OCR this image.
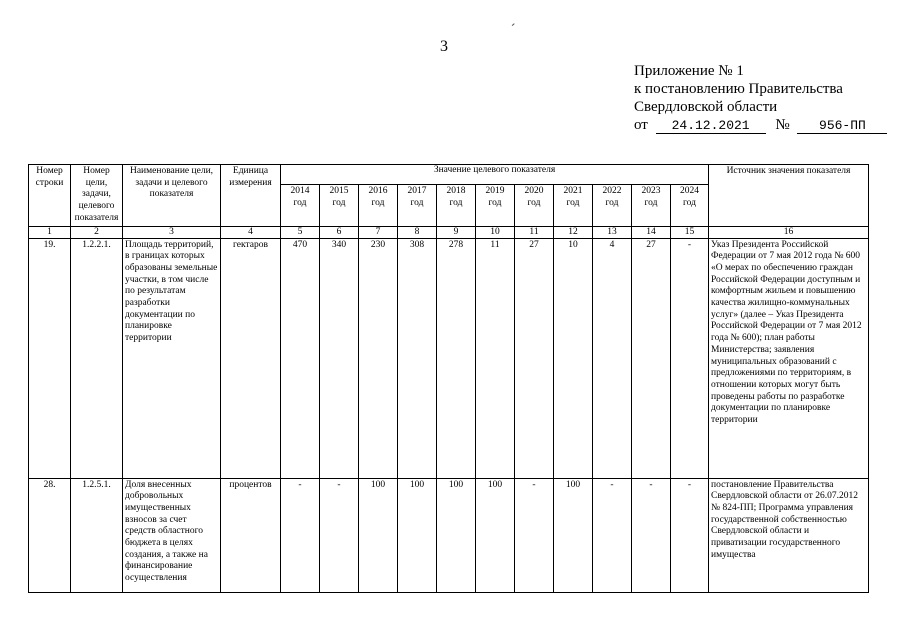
3
Приложение № 1
к постановлению Правительства
Свердловской области
от 24.12.2021 № 956-ПП
Номер строки	Номер цели, задачи, целевого показателя	Наименование цели, задачи и целевого показателя	Единица измерения	Значение целевого показателя											Источник значения показателя
				2014 год	2015 год	2016 год	2017 год	2018 год	2019 год	2020 год	2021 год	2022 год	2023 год	2024 год	
1	2	3	4	5	6	7	8	9	10	11	12	13	14	15	16
19.	1.2.2.1.	Площадь территорий, в границах которых образованы земельные участки, в том числе по результатам разработки документации по планировке территории	гектаров	470	340	230	308	278	11	27	10	4	27	-	Указ Президента Российской Федерации от 7 мая 2012 года № 600 «О мерах по обеспечению граждан Российской Федерации доступным и комфортным жильем и повышению качества жилищно-коммунальных услуг» (далее – Указ Президента Российской Федерации от 7 мая 2012 года № 600); план работы Министерства; заявления муниципальных образований с предложениями по территориям, в отношении которых могут быть проведены работы по разработке документации по планировке территории
28.	1.2.5.1.	Доля внесенных добровольных имущественных взносов за счет средств областного бюджета в целях создания, а также на финансирование осуществления	процентов	-	-	100	100	100	100	-	100	-	-	-	постановление Правительства Свердловской области от 26.07.2012 № 824-ПП; Программа управления государственной собственностью Свердловской области и приватизации государственного имущества
